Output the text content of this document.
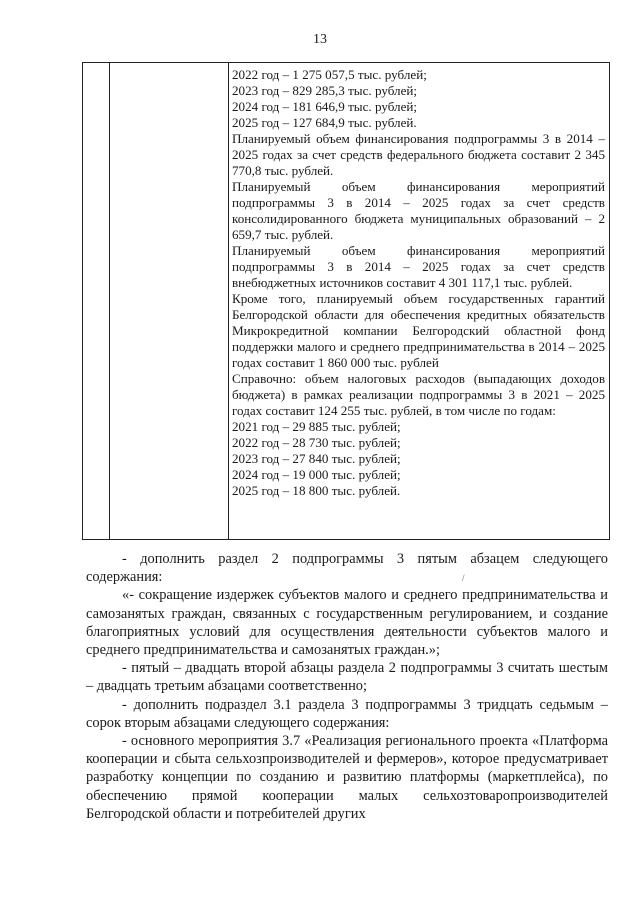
13

2022 год – 1 275 057,5 тыс. рублей;

2023 год – 829 285,3 тыс. рублей;

2024 год – 181 646,9 тыс. рублей;

2025 год – 127 684,9 тыс. рублей.

Планируемый объем финансирования подпрограммы 3 в 2014 – 2025 годах за счет средств федерального бюджета составит 2 345 770,8 тыс. рублей.

Планируемый объем финансирования мероприятий подпрограммы 3 в 2014 – 2025 годах за счет средств консолидированного бюджета муниципальных образований – 2 659,7 тыс. рублей.

Планируемый объем финансирования мероприятий подпрограммы 3 в 2014 – 2025 годах за счет средств внебюджетных источников составит 4 301 117,1 тыс. рублей.

Кроме того, планируемый объем государственных гарантий Белгородской области для обеспечения кредитных обязательств Микрокредитной компании Белгородский областной фонд поддержки малого и среднего предпринимательства в 2014 – 2025 годах составит 1 860 000 тыс. рублей

Справочно: объем налоговых расходов (выпадающих доходов бюджета) в рамках реализации подпрограммы 3 в 2021 – 2025 годах составит 124 255 тыс. рублей, в том числе по годам:

2021 год – 29 885 тыс. рублей;

2022 год – 28 730 тыс. рублей;

2023 год – 27 840 тыс. рублей;

2024 год – 19 000 тыс. рублей;

2025 год – 18 800 тыс. рублей.

/

- дополнить раздел 2 подпрограммы 3 пятым абзацем следующего содержания:

«- сокращение издержек субъектов малого и среднего предпринимательства и самозанятых граждан, связанных с государственным регулированием, и создание благоприятных условий для осуществления деятельности субъектов малого и среднего предпринимательства и самозанятых граждан.»;

- пятый – двадцать второй абзацы раздела 2 подпрограммы 3 считать шестым – двадцать третьим абзацами соответственно;

- дополнить подраздел 3.1 раздела 3 подпрограммы 3 тридцать седьмым – сорок вторым абзацами следующего содержания:

- основного мероприятия 3.7 «Реализация регионального проекта «Платформа кооперации и сбыта сельхозпроизводителей и фермеров», которое предусматривает разработку концепции по созданию и развитию платформы (маркетплейса), по обеспечению прямой кооперации малых сельхозтоваропроизводителей Белгородской области и потребителей других
